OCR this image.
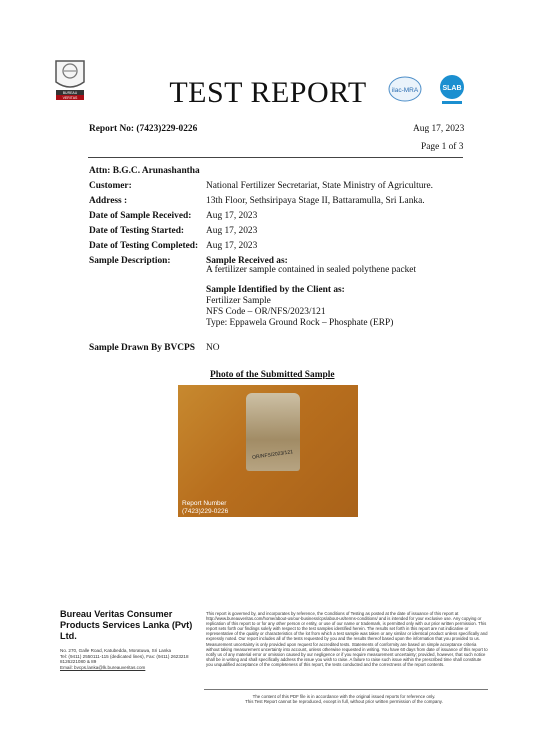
BUREAU
VERITAS	TEST REPORT	ilac-MRA	SLAB
Report No: (7423)229-0226	Aug 17, 2023
Page 1 of 3
Attn: B.G.C. Arunashantha
Customer:	National Fertilizer Secretariat, State Ministry of Agriculture.
Address :	13th Floor, Sethsiripaya Stage II, Battaramulla, Sri Lanka.
Date of Sample Received: Aug 17, 2023
Date of Testing Started: Aug 17, 2023
Date of Testing Completed: Aug 17, 2023
Sample Description:	Sample Received as:
A fertilizer sample contained in sealed polythene packet
Sample Identified by the Client as:
Fertilizer Sample
NFS Code – OR/NFS/2023/121
Type: Eppawela Ground Rock – Phosphate (ERP)
Sample Drawn By BVCPS NO
Photo of the Submitted Sample
OR/NFS/2023/121
Report Number
(7423)229-0226
Bureau Veritas Consumer
Products Services Lanka (Pvt)
Ltd.
No. 270, Galle Road, Katubedda, Moratuwa, Sri Lanka
Tel: (9411) 2550111-115 (dedicated lines), Fax: (9411) 2623218
8126221080 & 89
Email: bvcps.lanka@lk.bureauveritas.com
This report is governed by, and incorporates by reference, the Conditions of Testing as posted at the date of issuance of this report at http://www.bureauveritas.com/home/about-us/our-business/cps/about-us/terms-conditions/ and is intended for your exclusive use. Any copying or replication of this report to or for any other person or entity, or use of our name or trademark, is permitted only with our prior written permission. This report sets forth our findings solely with respect to the test samples identified herein. The results set forth in this report are not indicative or representative of the quality or characteristics of the lot from which a test sample was taken or any similar or identical product unless specifically and expressly noted. Our report includes all of the tests requested by you and the results thereof based upon the information that you provided to us. Measurement uncertainty is only provided upon request for accredited tests. Statements of conformity are based on simple acceptance criteria without taking measurement uncertainty into account, unless otherwise requested in writing. You have 60 days from date of issuance of this report to notify us of any material error or omission caused by our negligence or if you require measurement uncertainty; provided, however, that such notice shall be in writing and shall specifically address the issue you wish to raise. A failure to raise such issue within the prescribed time shall constitute you unqualified acceptance of the completeness of this report, the tests conducted and the correctness of the report contents.
The content of this PDF file is in accordance with the original issued reports for reference only.
This Test Report cannot be reproduced, except in full, without prior written permission of the company.
